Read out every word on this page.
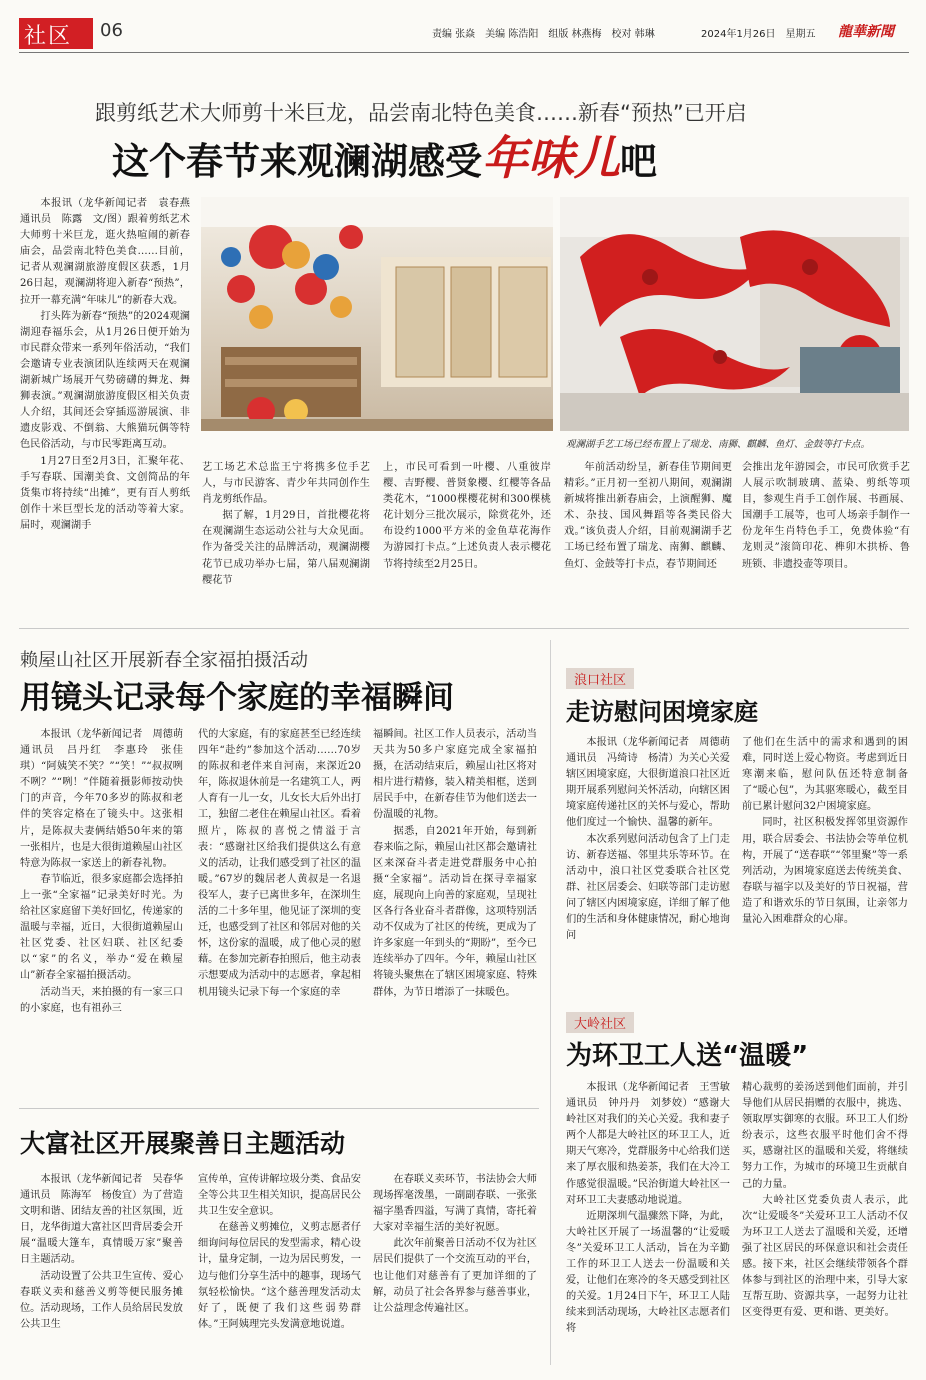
社区 06	责编 张焱　美编 陈浩阳　组版 林燕梅　校对 韩琳	2024年1月26日　星期五 龍華新聞
跟剪纸艺术大师剪十米巨龙，品尝南北特色美食……新春“预热”已开启
这个春节来观澜湖感受年味儿吧

本报讯（龙华新闻记者　袁春燕　通讯员　陈露　文/图）跟着剪纸艺术大师剪十米巨龙，逛火热喧闹的新春庙会，品尝南北特色美食……目前，记者从观澜湖旅游度假区获悉，1月26日起，观澜湖将迎入新春“预热”，拉开一幕充满“年味儿”的新春大戏。

打头阵为新春“预热”的2024观澜湖迎春福乐会，从1月26日便开始为市民群众带来一系列年俗活动，“我们会邀请专业表演团队连续两天在观澜湖新城广场展开气势磅礴的舞龙、舞狮表演。”观澜湖旅游度假区相关负责人介绍，其间还会穿插巡游展演、非遗皮影戏、不倒翁、大熊猫玩偶等特色民俗活动，与市民零距离互动。

1月27日至2月3日，汇聚年花、手写春联、国潮美食、文创简品的年货集市将持续“出摊”，更有百人剪纸创作十米巨型长龙的活动等着大家。届时，观澜湖手

观澜湖手艺工场已经布置上了瑞龙、南狮、麒麟、鱼灯、金鼓等打卡点。

艺工场艺术总监王宁将携多位手艺人，与市民游客、青少年共同创作生肖龙剪纸作品。

据了解，1月29日，首批樱花将在观澜湖生态运动公社与大众见面。作为备受关注的品牌活动，观澜湖樱花节已成功举办七届，第八届观澜湖樱花节

上，市民可看到一叶樱、八重彼岸樱、吉野樱、普贤象樱、红樱等各品类花木，“1000棵樱花树和300棵桃花计划分三批次展示，除赏花外，还布设约1000平方米的金鱼草花海作为游园打卡点。”上述负责人表示樱花节将持续至2月25日。

年前活动纷呈，新春佳节期间更精彩。”正月初一至初八期间，观澜湖新城将推出新春庙会，上演醒狮、魔术、杂技、国风舞蹈等各类民俗大戏。”该负责人介绍，目前观澜湖手艺工场已经布置了瑞龙、南狮、麒麟、鱼灯、金鼓等打卡点，春节期间还

会推出龙年游园会，市民可欣赏手艺人展示吹制玻璃、蓝染、剪纸等项目，参观生肖手工创作展、书画展、国潮手工展等，也可人场亲手制作一份龙年生肖特色手工，免费体验“有龙则灵”滚筒印花、榫卯木拱桥、鲁班锁、非遗投壶等项目。

赖屋山社区开展新春全家福拍摄活动
用镜头记录每个家庭的幸福瞬间

本报讯（龙华新闻记者　周德萌　通讯员　吕丹红　李惠玲　张佳琪）“阿姨笑不笑？”“笑！”“叔叔咧不咧？”“咧！”伴随着摄影师按动快门的声音，今年70多岁的陈叔和老伴的笑容定格在了镜头中。这张相片，是陈叔夫妻俩结婚50年来的第一张相片，也是大很街道赖屋山社区特意为陈叔一家送上的新春礼物。

春节临近，很多家庭都会选择拍上一张“全家福”记录美好时光。为给社区家庭留下美好回忆，传递家的温暖与幸福，近日，大很街道赖屋山社区党委、社区妇联、社区纪委以“家”的名义，举办“爱在赖屋山”新春全家福拍摄活动。

活动当天，来拍摄的有一家三口的小家庭，也有祖孙三

代的大家庭，有的家庭甚至已经连续四年“赴约”参加这个活动……70岁的陈叔和老伴来自河南，来深近20年，陈叔退休前是一名建筑工人，两人育有一儿一女，儿女长大后外出打工，独留二老住在赖屋山社区。看着照片，陈叔的喜悦之情溢于言表：“感谢社区给我们提供这么有意义的活动，让我们感受到了社区的温暖。”67岁的魏居老人黄叔是一名退役军人，妻子已离世多年，在深圳生活的二十多年里，他见证了深圳的变迁，也感受到了社区和邻居对他的关怀，这份家的温暖，成了他心灵的慰藉。在参加完新春拍照后，他主动表示想要成为活动中的志愿者，拿起相机用镜头记录下每一个家庭的幸

福瞬间。社区工作人员表示，活动当天共为50多户家庭完成全家福拍摄，在活动结束后，赖屋山社区将对相片进行精修，装入精美相框，送到居民手中，在新春佳节为他们送去一份温暖的礼物。

据悉，自2021年开始，每到新春来临之际，赖屋山社区都会邀请社区来深奋斗者走进党群服务中心拍摄“全家福”。活动旨在探寻幸福家庭，展现向上向善的家庭观，呈现社区各行各业奋斗者群像，这项特别活动不仅成为了社区的传统，更成为了许多家庭一年到头的“期盼”，至今已连续举办了四年。今年，赖屋山社区将镜头聚焦在了辖区困境家庭、特殊群体，为节日增添了一抹暖色。

浪口社区
走访慰问困境家庭

本报讯（龙华新闻记者　周德萌　通讯员　冯绮诗　杨清）为关心关爱辖区困境家庭，大很街道浪口社区近期开展系列慰问关怀活动，向辖区困境家庭传递社区的关怀与爱心，帮助他们度过一个愉快、温馨的新年。

本次系列慰问活动包含了上门走访、新春送福、邻里共乐等环节。在活动中，浪口社区党委联合社区党群、社区居委会、妇联等部门走访慰问了辖区内困境家庭，详细了解了他们的生活和身体健康情况，耐心地询问

了他们在生活中的需求和遇到的困难，同时送上爱心物资。考虑到近日寒潮来临，慰问队伍还特意制备了“暖心包”，为其驱寒暖心，截至目前已累计慰问32户困境家庭。

同时，社区积极发挥邻里资源作用，联合居委会、书法协会等单位机构，开展了“送春联”“邻里聚”等一系列活动，为困境家庭送去传统美食、春联与福字以及美好的节日祝福，营造了和谐欢乐的节日氛围，让亲邻力量沁入困难群众的心扉。

大岭社区
为环卫工人送“温暖”

本报讯（龙华新闻记者　王雪敏　通讯员　钟丹丹　刘梦姣）“感谢大岭社区对我们的关心关爱。我和妻子两个人都是大岭社区的环卫工人，近期天气寒冷，党群服务中心给我们送来了厚衣服和热姜茶，我们在大冷工作感觉很温暖。”民治街道大岭社区一对环卫工夫妻感动地说道。

近期深圳气温骤然下降，为此，大岭社区开展了一场温馨的“让爱暖冬”关爱环卫工人活动，旨在为辛勤工作的环卫工人送去一份温暖和关爱，让他们在寒冷的冬天感受到社区的关爱。1月24日下午，环卫工人陆续来到活动现场，大岭社区志愿者们将

精心裁剪的姜汤送到他们面前，并引导他们从居民捐赠的衣服中，挑选、领取厚实御寒的衣服。环卫工人们纷纷表示，这些衣服平时他们舍不得买，感谢社区的温暖和关爱，将继续努力工作，为城市的环境卫生贡献自己的力量。

大岭社区党委负责人表示，此次“让爱暖冬”关爱环卫工人活动不仅为环卫工人送去了温暖和关爱，还增强了社区居民的环保意识和社会责任感。接下来，社区会继续带领各个群体参与到社区的治理中来，引导大家互帮互助、资源共享，一起努力让社区变得更有爱、更和谐、更美好。

大富社区开展聚善日主题活动

本报讯（龙华新闻记者　吴春华　通讯员　陈海军　杨俊宜）为了营造文明和谐、团结友善的社区氛围，近日，龙华街道大富社区凹背居委会开展“温暖大篷车，真情暖万家”聚善日主题活动。

活动设置了公共卫生宣传、爱心春联义卖和慈善义剪等便民服务摊位。活动现场，工作人员给居民发放公共卫生

宣传单，宣传讲解垃圾分类、食品安全等公共卫生相关知识，提高居民公共卫生安全意识。

在慈善义剪摊位，义剪志愿者仔细询问每位居民的发型需求，精心设计，量身定制，一边为居民剪发，一边与他们分享生活中的趣事，现场气氛轻松愉快。“这个慈善理发活动太好了，既便了我们这些弱势群体。”王阿姨理完头发满意地说道。

在春联义卖环节，书法协会大师现场挥毫泼墨，一副副春联、一张张福字墨香四溢，写满了真情，寄托着大家对幸福生活的美好祝愿。

此次年前聚善日活动不仅为社区居民们提供了一个交流互动的平台，也让他们对慈善有了更加详细的了解，动员了社会各界参与慈善事业，让公益理念传遍社区。
